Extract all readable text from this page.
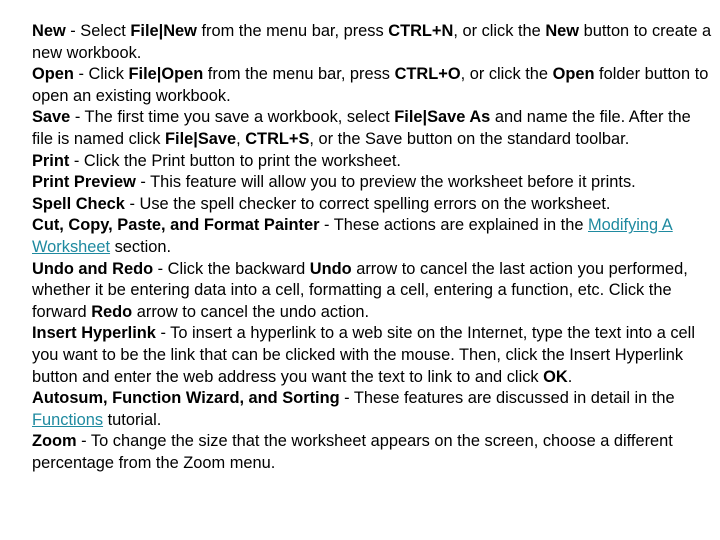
New - Select File|New from the menu bar, press CTRL+N, or click the New button to create a new workbook.

Open - Click File|Open from the menu bar, press CTRL+O, or click the Open folder button to open an existing workbook.

Save - The first time you save a workbook, select File|Save As and name the file. After the file is named click File|Save, CTRL+S, or the Save button on the standard toolbar.

Print - Click the Print button to print the worksheet.

Print Preview - This feature will allow you to preview the worksheet before it prints.

Spell Check - Use the spell checker to correct spelling errors on the worksheet.

Cut, Copy, Paste, and Format Painter - These actions are explained in the Modifying A Worksheet section.

Undo and Redo - Click the backward Undo arrow to cancel the last action you performed, whether it be entering data into a cell, formatting a cell, entering a function, etc. Click the forward Redo arrow to cancel the undo action.

Insert Hyperlink - To insert a hyperlink to a web site on the Internet, type the text into a cell you want to be the link that can be clicked with the mouse. Then, click the Insert Hyperlink button and enter the web address you want the text to link to and click OK.

Autosum, Function Wizard, and Sorting - These features are discussed in detail in the Functions tutorial.

Zoom - To change the size that the worksheet appears on the screen, choose a different percentage from the Zoom menu.
